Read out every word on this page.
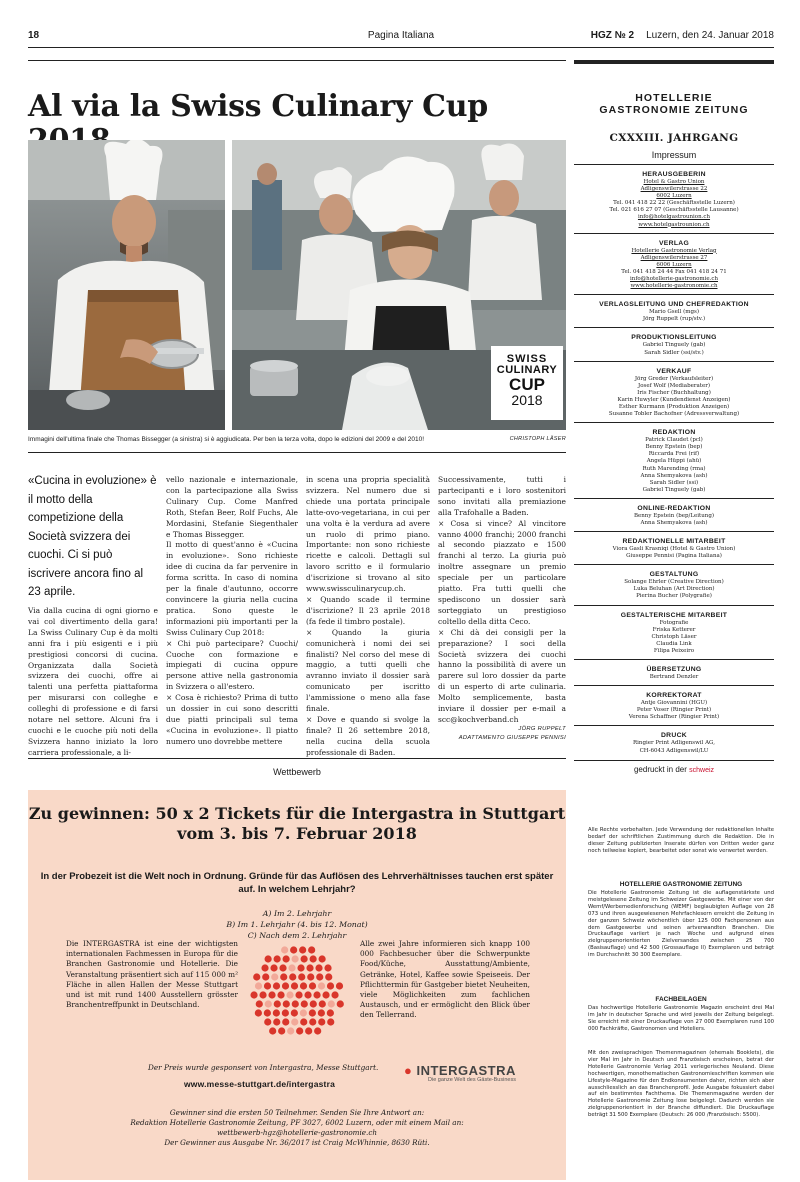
18	Pagina Italiana	HGZ № 2 Luzern, den 24. Januar 2018
Al via la Swiss Culinary Cup
SWISS
CULINARY
CUP
2018
Immagini dell'ultima finale che Thomas Bissegger (a sinistra) si è aggiudicata. Per ben la terza volta, dopo le edizioni del 2009 e del 2010!	CHRISTOPH LÄSER
«Cucina in evoluzione» è il motto della competizione della Società svizzera dei cuochi. Ci si può iscrivere ancora fino al 23 aprile.
Via dalla cucina di ogni giorno e vai col divertimento della gara! La Swiss Culinary Cup è da molti anni fra i più esigenti e i più prestigiosi concorsi di cucina. Organizzata dalla Società svizzera dei cuochi, offre ai talenti una perfetta piattaforma per misurarsi con colleghe e colleghi di professione e di farsi notare nel settore. Alcuni fra i cuochi e le cuoche più noti della Svizzera hanno iniziato la loro carriera professionale, a li-
vello nazionale e internazionale, con la partecipazione alla Swiss Culinary Cup. Come Manfred Roth, Stefan Beer, Rolf Fuchs, Ale Mordasini, Stefanie Siegenthaler e Thomas Bissegger.
Il motto di quest'anno è «Cucina in evoluzione». Sono richieste idee di cucina da far pervenire in forma scritta. In caso di nomina per la finale d'autunno, occorre convincere la giuria nella cucina pratica. Sono queste le informazioni più importanti per la Swiss Culinary Cup 2018:
× Chi può partecipare? Cuochi/ Cuoche con formazione e impiegati di cucina oppure persone attive nella gastronomia in Svizzera o all'estero.
× Cosa è richiesto? Prima di tutto un dossier in cui sono descritti due piatti principali sul tema «Cucina in evoluzione». Il piatto numero uno dovrebbe mettere
in scena una propria specialità svizzera. Nel numero due si chiede una portata principale latte-ovo-vegetariana, in cui per una volta è la verdura ad avere un ruolo di primo piano. Importante: non sono richieste ricette e calcoli. Dettagli sul lavoro scritto e il formulario d'iscrizione si trovano al sito www.swissculinarycup.ch.
× Quando scade il termine d'iscrizione? Il 23 aprile 2018 (fa fede il timbro postale).
× Quando la giuria comunicherà i nomi dei sei finalisti? Nel corso del mese di maggio, a tutti quelli che avranno inviato il dossier sarà comunicato per iscritto l'ammissione o meno alla fase finale.
× Dove e quando si svolge la finale? Il 26 settembre 2018, nella cucina della scuola professionale di Baden.
Successivamente, tutti i partecipanti e i loro sostenitori sono invitati alla premiazione alla Trafohalle a Baden.
× Cosa si vince? Al vincitore vanno 4000 franchi; 2000 franchi al secondo piazzato e 1500 franchi al terzo. La giuria può inoltre assegnare un premio speciale per un particolare piatto. Fra tutti quelli che spediscono un dossier sarà sorteggiato un prestigioso coltello della ditta Ceco.
× Chi dà dei consigli per la preparazione? I soci della Società svizzera dei cuochi hanno la possibilità di avere un parere sul loro dossier da parte di un esperto di arte culinaria. Molto semplicemente, basta inviare il dossier per e-mail a scc@kochverband.ch
JÖRG RUPPELT
ADATTAMENTO GIUSEPPE PENNISI
Wettbewerb
Zu gewinnen: 50 x 2 Tickets für die Intergastra in Stuttgart vom 3. bis 7. Februar 2018
In der Probezeit ist die Welt noch in Ordnung. Gründe für das Auflösen des Lehrverhältnisses tauchen erst später auf. In welchem Lehrjahr?
A) Im 2. Lehrjahr
B) Im 1. Lehrjahr (4. bis 12. Monat)
C) Nach dem 2. Lehrjahr
Die INTERGASTRA ist eine der wichtigsten internationalen Fachmessen in Europa für die Branchen Gastronomie und Hotellerie. Die Veranstaltung präsentiert sich auf 115 000 m² Fläche in allen Hallen der Messe Stuttgart und ist mit rund 1400 Ausstellern grösster Branchentreffpunkt in Deutschland.
Alle zwei Jahre informieren sich knapp 100 000 Fachbesucher über die Schwerpunkte Food/Küche, Ausstattung/Ambiente, Getränke, Hotel, Kaffee sowie Speiseeis. Der Pflichttermin für Gastgeber bietet Neuheiten, viele Möglichkeiten zum fachlichen Austausch, und er ermöglicht den Blick über den Tellerrand.
Der Preis wurde gesponsert von Intergastra, Messe Stuttgart.
www.messe-stuttgart.de/intergastra
● INTERGASTRA
Die ganze Welt des Gäste-Business
Gewinner sind die ersten 50 Teilnehmer. Senden Sie Ihre Antwort an:
Redaktion Hotellerie Gastronomie Zeitung, PF 3027, 6002 Luzern, oder mit einem Mail an:
wettbewerb-hgz@hotellerie-gastronomie.ch
Der Gewinner aus Ausgabe Nr. 36/2017 ist Craig McWhinnie, 8630 Rüti.
HOTELLERIE
GASTRONOMIE ZEITUNG
CXXXIII. JAHRGANG
Impressum
HERAUSGEBERIN
Hotel & Gastro Union
Adligenswilerstrasse 22
6002 Luzern
Tel. 041 418 22 22 (Geschäftsstelle Luzern)
Tel. 021 616 27 07 (Geschäftsstelle Lausanne)
info@hotelgastrounion.ch
www.hotelgastrounion.ch
VERLAG
Hotellerie Gastronomie Verlag
Adligenswilerstrasse 27
6006 Luzern
Tel. 041 418 24 44 Fax 041 418 24 71
info@hotellerie-gastronomie.ch
www.hotellerie-gastronomie.ch
VERLAGSLEITUNG UND CHEFREDAKTION
Mario Gsell (mgs)
Jörg Ruppelt (rup/stv.)
PRODUKTIONSLEITUNG
Gabriel Tinguely (gab)
Sarah Sidler (ssi/stv.)
VERKAUF
Jörg Greder (Verkaufsleiter)
Josef Wolf (Mediaberater)
Iris Fischer (Buchhaltung)
Karin Huwyler (Kundendienst Anzeigen)
Esther Kurmann (Produktion Anzeigen)
Susanne Tobler Bachofner (Adressverwaltung)
REDAKTION
Patrick Claudet (pcl)
Benny Epstein (bep)
Riccarda Frei (rif)
Angela Hüppi (ahü)
Ruth Marending (rma)
Anna Shemyakova (ash)
Sarah Sidler (ssi)
Gabriel Tinguely (gab)
ONLINE-REDAKTION
Benny Epstein (bep/Leitung)
Anna Shemyakova (ash)
REDAKTIONELLE MITARBEIT
Viora Gasli Krasniqi (Hotel & Gastro Union)
Giuseppe Pennisi (Pagina Italiana)
GESTALTUNG
Solange Ehrler (Creative Direction)
Luka Beluhan (Art Direction)
Pierina Bucher (Polygrafie)
GESTALTERISCHE MITARBEIT
Fotografie
Friska Ketterer
Christoph Läser
Claudia Link
Filipa Peixeiro
ÜBERSETZUNG
Bertrand Denzler
KORREKTORAT
Antje Giovannini (HGU)
Peter Voser (Ringier Print)
Verena Schaffner (Ringier Print)
DRUCK
Ringier Print Adligenswil AG,
CH-6043 Adligenswil/LU
gedruckt in der schweiz
Alle Rechte vorbehalten. Jede Verwendung der redaktionellen Inhalte bedarf der schriftlichen Zustimmung durch die Redaktion. Die in dieser Zeitung publizierten Inserate dürfen von Dritten weder ganz noch teilweise kopiert, bearbeitet oder sonst wie verwertet werden.
HOTELLERIE GASTRONOMIE ZEITUNG
Die Hotellerie Gastronomie Zeitung ist die auflagenstärkste und meistgelesene Zeitung im Schweizer Gastgewerbe. Mit einer von der Wemf/Werbemedienforschung (WEMF) beglaubigten Auflage von 28 073 und ihren ausgewiesenen Mehrfachlesern erreicht die Zeitung in der ganzen Schweiz wöchentlich über 125 000 Fachpersonen aus dem Gastgewerbe und seinen artverwandten Branchen. Die Druckauflage variiert je nach Woche und aufgrund eines zielgruppenorientierten Zielversandes zwischen 25 700 (Basisauflage) und 42 500 (Grossauflage II) Exemplaren und beträgt im Durchschnitt 30 300 Exemplare.
FACHBEILAGEN
Das hochwertige Hotellerie Gastronomie Magazin erscheint drei Mal im Jahr in deutscher Sprache und wird jeweils der Zeitung beigelegt. Sie erreicht mit einer Druckauflage von 27 000 Exemplaren rund 100 000 Fachkräfte, Gastronomen und Hoteliers.
Mit den zweisprachigen Themenmagazinen (ehemals Booklets), die vier Mal im Jahr in Deutsch und Französisch erscheinen, betrat der Hotellerie Gastronomie Verlag 2011 verlegerisches Neuland. Diese hochwertigen, monothematischen Gastronomieschriften kommen wie Lifestyle-Magazine für den Endkonsumenten daher, richten sich aber ausschliesslich an das Branchenprofil. Jede Ausgabe fokussiert dabei auf ein bestimmtes Fachthema. Die Themenmagazine werden der Hotellerie Gastronomie Zeitung lose beigelegt. Dadurch werden sie zielgruppenorientiert in der Branche diffundiert. Die Druckauflage beträgt 31 500 Exemplare (Deutsch: 26 000 /Französisch: 5500).
